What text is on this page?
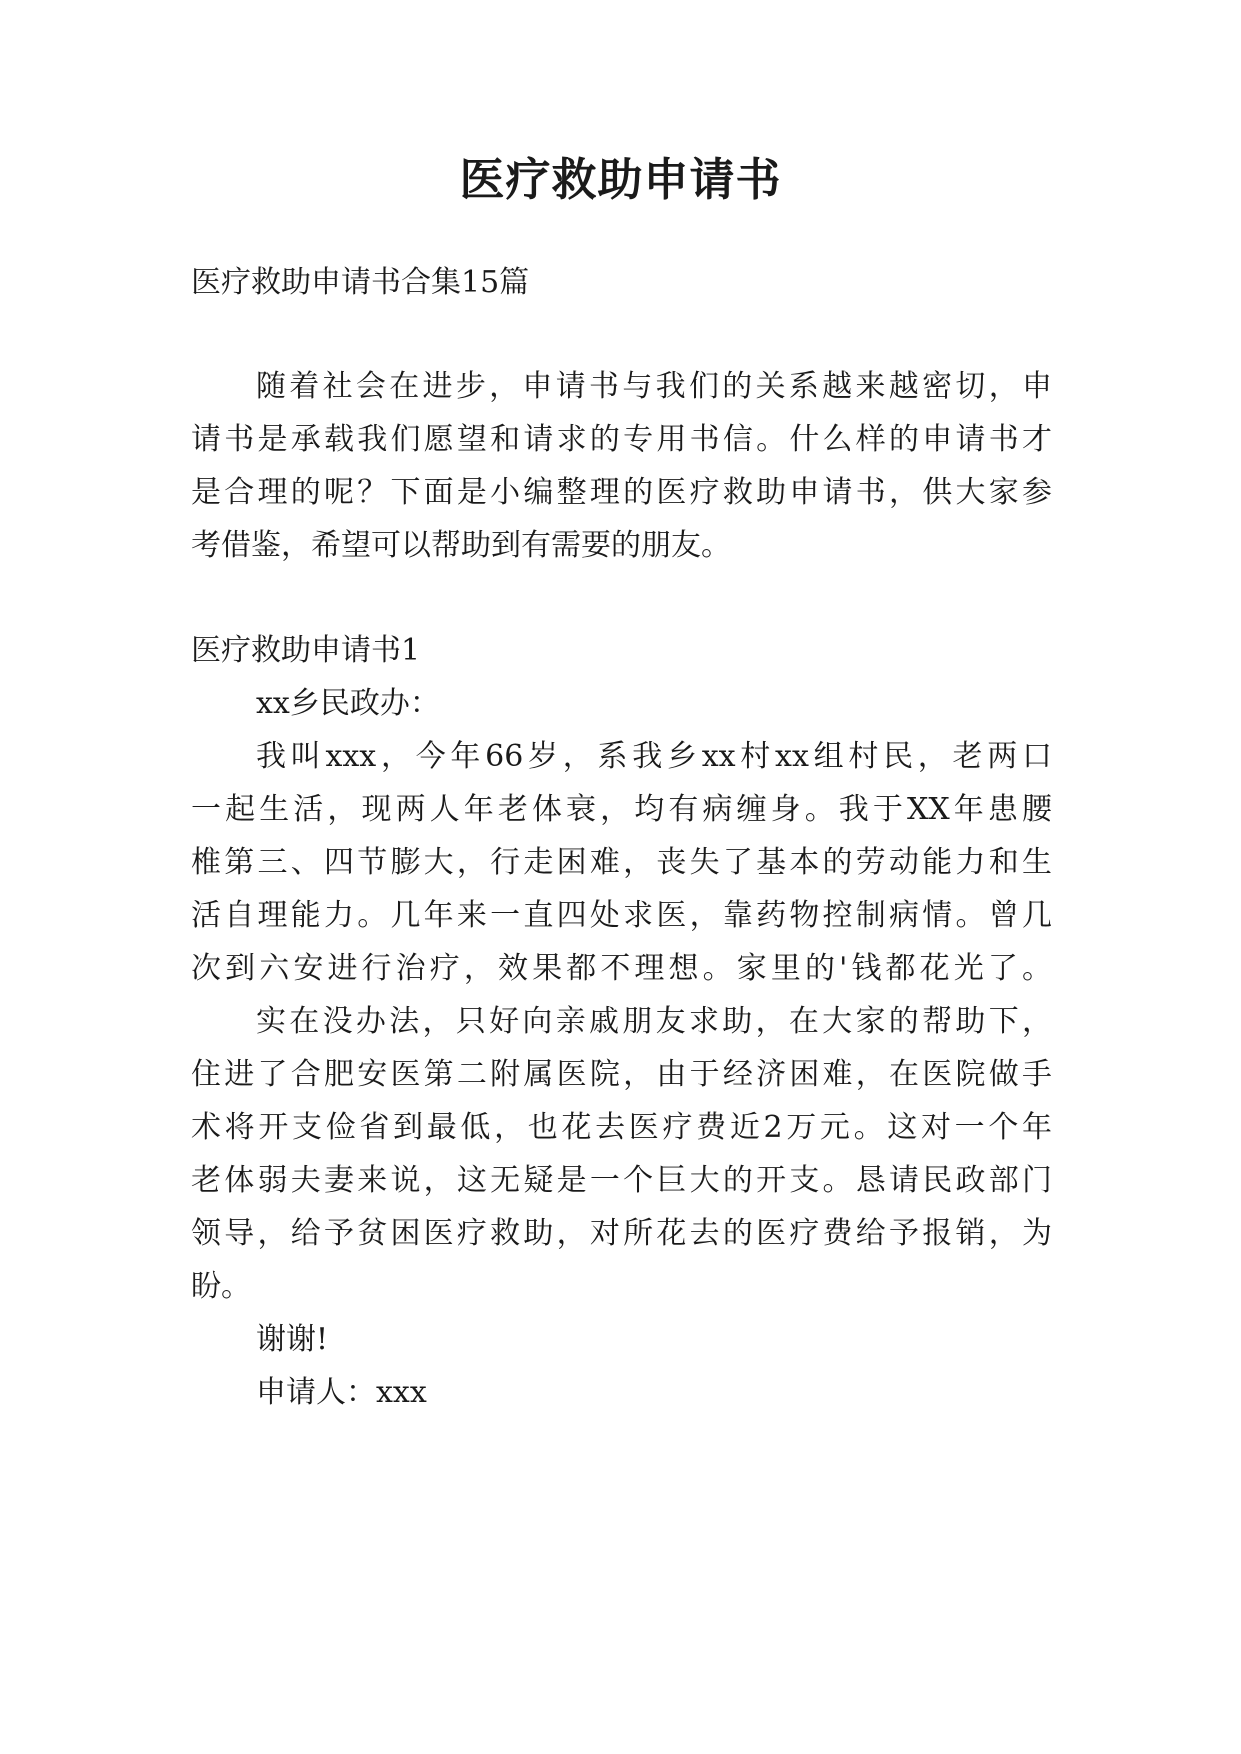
医疗救助申请书

医疗救助申请书合集15篇

随着社会在进步，申请书与我们的关系越来越密切，申

请书是承载我们愿望和请求的专用书信。什么样的申请书才

是合理的呢？下面是小编整理的医疗救助申请书，供大家参

考借鉴，希望可以帮助到有需要的朋友。

医疗救助申请书1

xx乡民政办：

我叫xxx，今年66岁，系我乡xx村xx组村民，老两口

一起生活，现两人年老体衰，均有病缠身。我于XX年患腰

椎第三、四节膨大，行走困难，丧失了基本的劳动能力和生

活自理能力。几年来一直四处求医，靠药物控制病情。曾几

次到六安进行治疗，效果都不理想。家里的'钱都花光了。

实在没办法，只好向亲戚朋友求助，在大家的帮助下，

住进了合肥安医第二附属医院，由于经济困难，在医院做手

术将开支俭省到最低，也花去医疗费近2万元。这对一个年

老体弱夫妻来说，这无疑是一个巨大的开支。恳请民政部门

领导，给予贫困医疗救助，对所花去的医疗费给予报销，为

盼。

谢谢!

申请人：xxx
